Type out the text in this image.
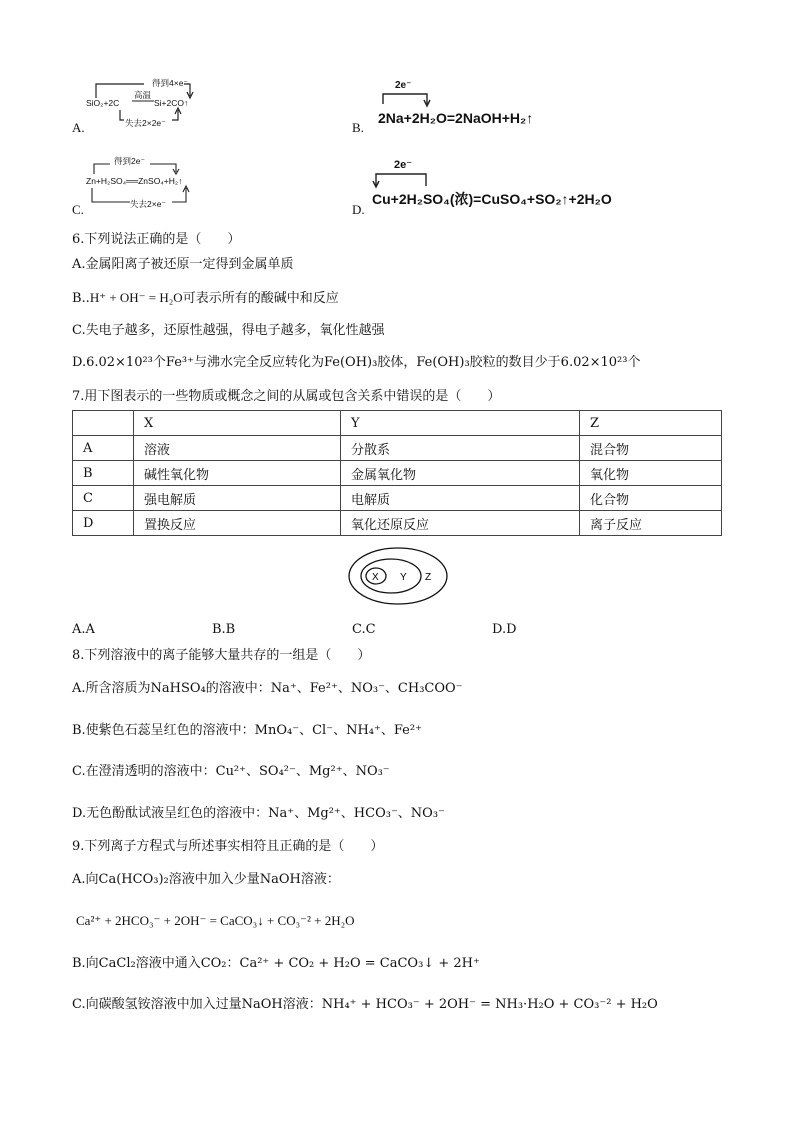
得到4×e⁻
高温
SiO₂+2C	Si+2CO↑
失去2×2e⁻
A.
2e⁻
2Na+2H₂O=2NaOH+H₂↑
B.
得到2e⁻
Zn+H₂SO₄══ZnSO₄+H₂↑
失去2×e⁻
C.
2e⁻
Cu+2H₂SO₄(浓)=CuSO₄+SO₂↑+2H₂O
D.
6.下列说法正确的是（　　）
A.金属阳离子被还原一定得到金属单质
B..H⁺ + OH⁻ = H₂O可表示所有的酸碱中和反应
C.失电子越多，还原性越强，得电子越多，氧化性越强
D.6.02×10²³个Fe³⁺与沸水完全反应转化为Fe(OH)₃胶体，Fe(OH)₃胶粒的数目少于6.02×10²³个
7.用下图表示的一些物质或概念之间的从属或包含关系中错误的是（　　）
	X	Y	Z
A	溶液	分散系	混合物
B	碱性氧化物	金属氧化物	氧化物
C	强电解质	电解质	化合物
D	置换反应	氧化还原反应	离子反应
X Y Z
A.A	B.B	C.C	D.D
8.下列溶液中的离子能够大量共存的一组是（　　）
A.所含溶质为NaHSO₄的溶液中：Na⁺、Fe²⁺、NO₃⁻、CH₃COO⁻
B.使紫色石蕊呈红色的溶液中：MnO₄⁻、Cl⁻、NH₄⁺、Fe²⁺
C.在澄清透明的溶液中：Cu²⁺、SO₄²⁻、Mg²⁺、NO₃⁻
D.无色酚酞试液呈红色的溶液中：Na⁺、Mg²⁺、HCO₃⁻、NO₃⁻
9.下列离子方程式与所述事实相符且正确的是（　　）
A.向Ca(HCO₃)₂溶液中加入少量NaOH溶液：
Ca²⁺ + 2HCO₃⁻ + 2OH⁻ = CaCO₃↓ + CO₃⁻² + 2H₂O
B.向CaCl₂溶液中通入CO₂：Ca²⁺ + CO₂ + H₂O = CaCO₃↓ + 2H⁺
C.向碳酸氢铵溶液中加入过量NaOH溶液：NH₄⁺ + HCO₃⁻ + 2OH⁻ = NH₃·H₂O + CO₃⁻² + H₂O
